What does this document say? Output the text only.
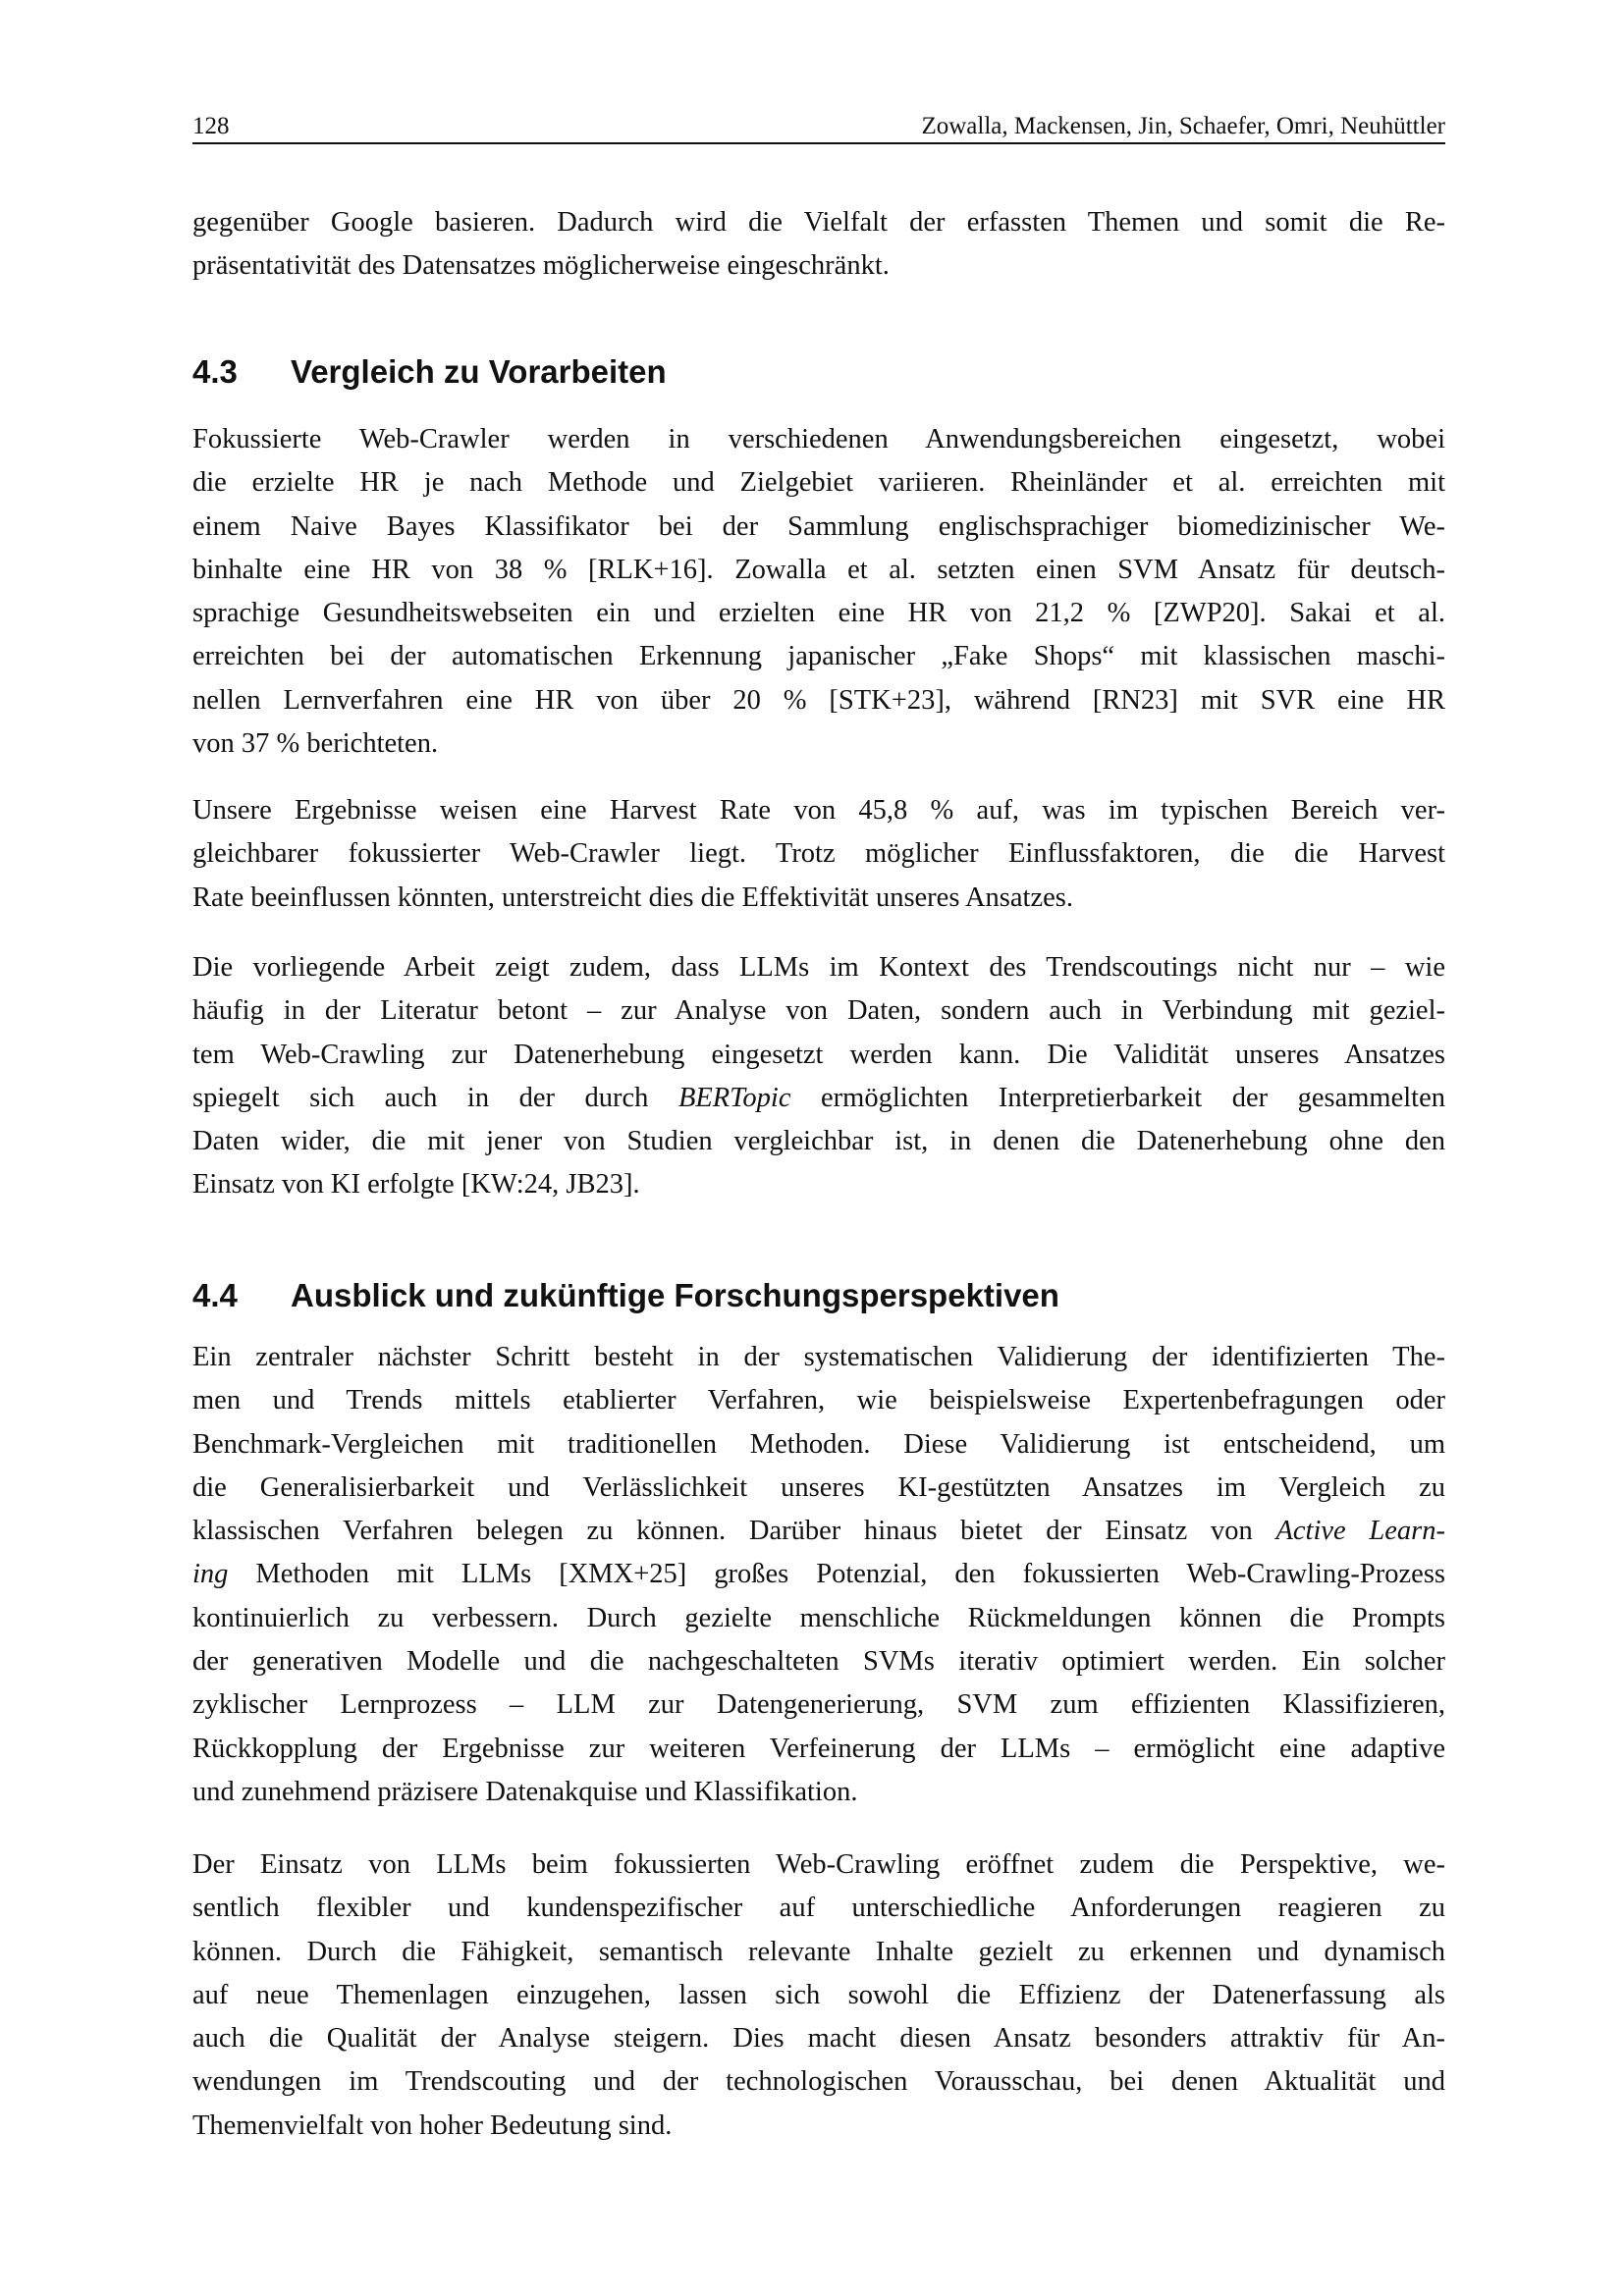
128	Zowalla, Mackensen, Jin, Schaefer, Omri, Neuhüttler
gegenüber Google basieren. Dadurch wird die Vielfalt der erfassten Themen und somit die Re-
präsentativität des Datensatzes möglicherweise eingeschränkt.
4.3 Vergleich zu Vorarbeiten
Fokussierte Web-Crawler werden in verschiedenen Anwendungsbereichen eingesetzt, wobei
die erzielte HR je nach Methode und Zielgebiet variieren. Rheinländer et al. erreichten mit
einem Naive Bayes Klassifikator bei der Sammlung englischsprachiger biomedizinischer We-
binhalte eine HR von 38 % [RLK+16]. Zowalla et al. setzten einen SVM Ansatz für deutsch-
sprachige Gesundheitswebseiten ein und erzielten eine HR von 21,2 % [ZWP20]. Sakai et al.
erreichten bei der automatischen Erkennung japanischer „Fake Shops“ mit klassischen maschi-
nellen Lernverfahren eine HR von über 20 % [STK+23], während [RN23] mit SVR eine HR
von 37 % berichteten.
Unsere Ergebnisse weisen eine Harvest Rate von 45,8 % auf, was im typischen Bereich ver-
gleichbarer fokussierter Web-Crawler liegt. Trotz möglicher Einflussfaktoren, die die Harvest
Rate beeinflussen könnten, unterstreicht dies die Effektivität unseres Ansatzes.
Die vorliegende Arbeit zeigt zudem, dass LLMs im Kontext des Trendscoutings nicht nur – wie
häufig in der Literatur betont – zur Analyse von Daten, sondern auch in Verbindung mit geziel-
tem Web-Crawling zur Datenerhebung eingesetzt werden kann. Die Validität unseres Ansatzes
spiegelt sich auch in der durch BERTopic ermöglichten Interpretierbarkeit der gesammelten
Daten wider, die mit jener von Studien vergleichbar ist, in denen die Datenerhebung ohne den
Einsatz von KI erfolgte [KW:24, JB23].
4.4 Ausblick und zukünftige Forschungsperspektiven
Ein zentraler nächster Schritt besteht in der systematischen Validierung der identifizierten The-
men und Trends mittels etablierter Verfahren, wie beispielsweise Expertenbefragungen oder
Benchmark-Vergleichen mit traditionellen Methoden. Diese Validierung ist entscheidend, um
die Generalisierbarkeit und Verlässlichkeit unseres KI-gestützten Ansatzes im Vergleich zu
klassischen Verfahren belegen zu können. Darüber hinaus bietet der Einsatz von Active Learn-
ing Methoden mit LLMs [XMX+25] großes Potenzial, den fokussierten Web-Crawling-Prozess
kontinuierlich zu verbessern. Durch gezielte menschliche Rückmeldungen können die Prompts
der generativen Modelle und die nachgeschalteten SVMs iterativ optimiert werden. Ein solcher
zyklischer Lernprozess – LLM zur Datengenerierung, SVM zum effizienten Klassifizieren,
Rückkopplung der Ergebnisse zur weiteren Verfeinerung der LLMs – ermöglicht eine adaptive
und zunehmend präzisere Datenakquise und Klassifikation.
Der Einsatz von LLMs beim fokussierten Web-Crawling eröffnet zudem die Perspektive, we-
sentlich flexibler und kundenspezifischer auf unterschiedliche Anforderungen reagieren zu
können. Durch die Fähigkeit, semantisch relevante Inhalte gezielt zu erkennen und dynamisch
auf neue Themenlagen einzugehen, lassen sich sowohl die Effizienz der Datenerfassung als
auch die Qualität der Analyse steigern. Dies macht diesen Ansatz besonders attraktiv für An-
wendungen im Trendscouting und der technologischen Vorausschau, bei denen Aktualität und
Themenvielfalt von hoher Bedeutung sind.
